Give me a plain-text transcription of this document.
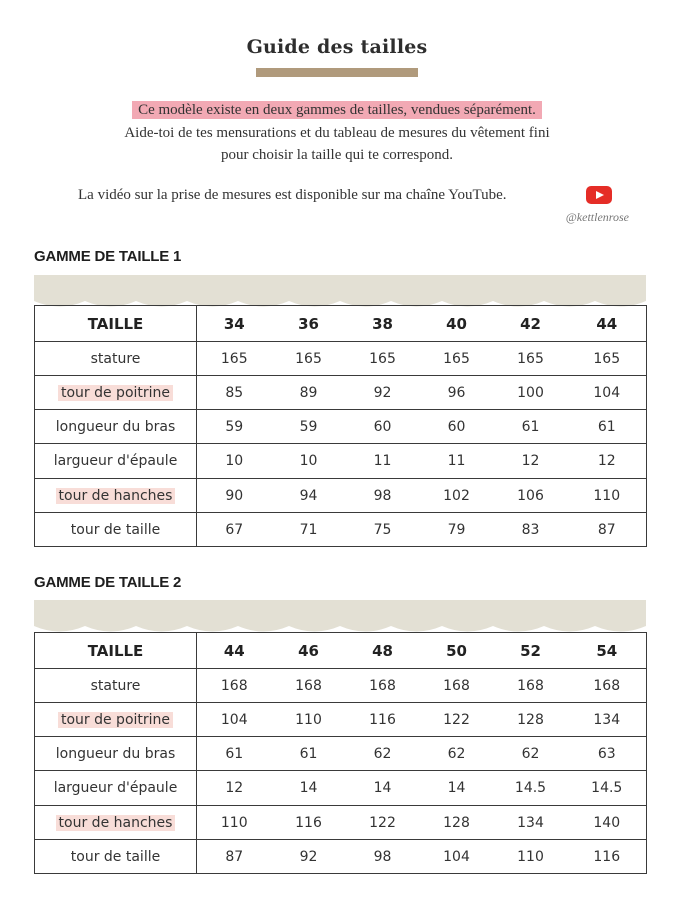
Guide des tailles
Ce modèle existe en deux gammes de tailles, vendues séparément.
Aide-toi de tes mensurations et du tableau de mesures du vêtement fini
pour choisir la taille qui te correspond.
La vidéo sur la prise de mesures est disponible sur ma chaîne YouTube.
@kettlenrose
GAMME DE TAILLE 1
TAILLE	34	36	38	40	42	44
stature	165	165	165	165	165	165
tour de poitrine	85	89	92	96	100	104
longueur du bras	59	59	60	60	61	61
largueur d'épaule	10	10	11	11	12	12
tour de hanches	90	94	98	102	106	110
tour de taille	67	71	75	79	83	87
GAMME DE TAILLE 2
TAILLE	44	46	48	50	52	54
stature	168	168	168	168	168	168
tour de poitrine	104	110	116	122	128	134
longueur du bras	61	61	62	62	62	63
largueur d'épaule	12	14	14	14	14.5	14.5
tour de hanches	110	116	122	128	134	140
tour de taille	87	92	98	104	110	116
